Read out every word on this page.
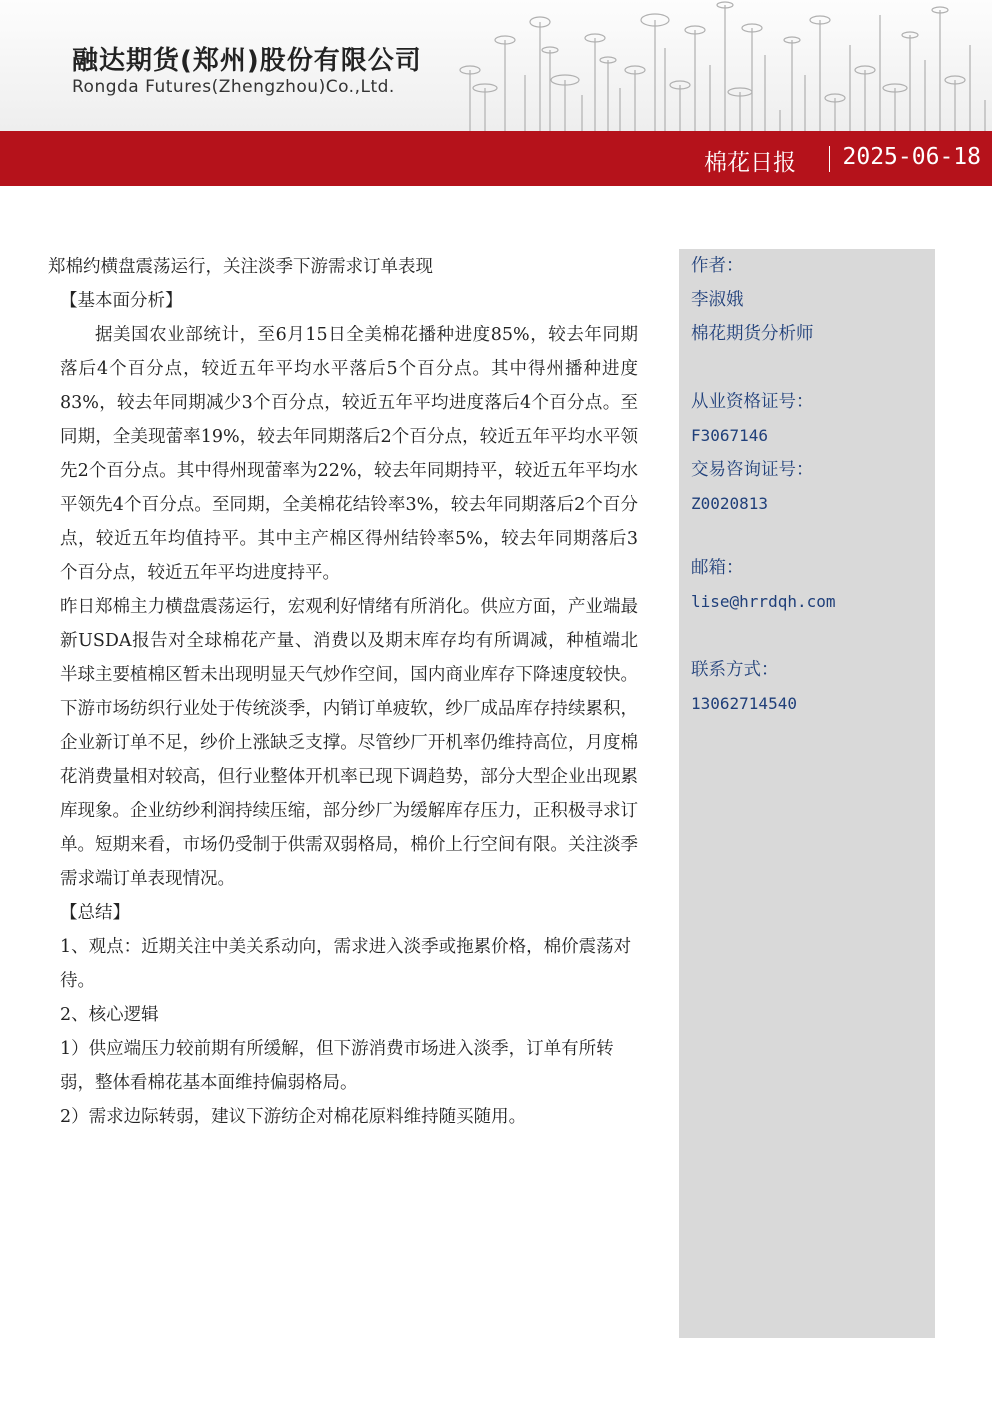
融达期货(郑州)股份有限公司
Rongda Futures(Zhengzhou)Co.,Ltd.
棉花日报 2025-06-18
郑棉约横盘震荡运行，关注淡季下游需求订单表现
【基本面分析】

据美国农业部统计，至6月15日全美棉花播种进度85%，较去年同期落后4个百分点，较近五年平均水平落后5个百分点。其中得州播种进度83%，较去年同期减少3个百分点，较近五年平均进度落后4个百分点。至同期，全美现蕾率19%，较去年同期落后2个百分点，较近五年平均水平领先2个百分点。其中得州现蕾率为22%，较去年同期持平，较近五年平均水平领先4个百分点。至同期，全美棉花结铃率3%，较去年同期落后2个百分点，较近五年均值持平。其中主产棉区得州结铃率5%，较去年同期落后3个百分点，较近五年平均进度持平。

昨日郑棉主力横盘震荡运行，宏观利好情绪有所消化。供应方面，产业端最新USDA报告对全球棉花产量、消费以及期末库存均有所调减，种植端北半球主要植棉区暂未出现明显天气炒作空间，国内商业库存下降速度较快。下游市场纺织行业处于传统淡季，内销订单疲软，纱厂成品库存持续累积，企业新订单不足，纱价上涨缺乏支撑。尽管纱厂开机率仍维持高位，月度棉花消费量相对较高，但行业整体开机率已现下调趋势，部分大型企业出现累库现象。企业纺纱利润持续压缩，部分纱厂为缓解库存压力，正积极寻求订单。短期来看，市场仍受制于供需双弱格局，棉价上行空间有限。关注淡季需求端订单表现情况。

【总结】
1、观点：近期关注中美关系动向，需求进入淡季或拖累价格，棉价震荡对待。
2、核心逻辑
1）供应端压力较前期有所缓解，但下游消费市场进入淡季，订单有所转弱，整体看棉花基本面维持偏弱格局。
2）需求边际转弱，建议下游纺企对棉花原料维持随买随用。
作者：
李淑娥
棉花期货分析师
从业资格证号：
F3067146
交易咨询证号：
Z0020813
邮箱：
lise@hrrdqh.com
联系方式：
13062714540
